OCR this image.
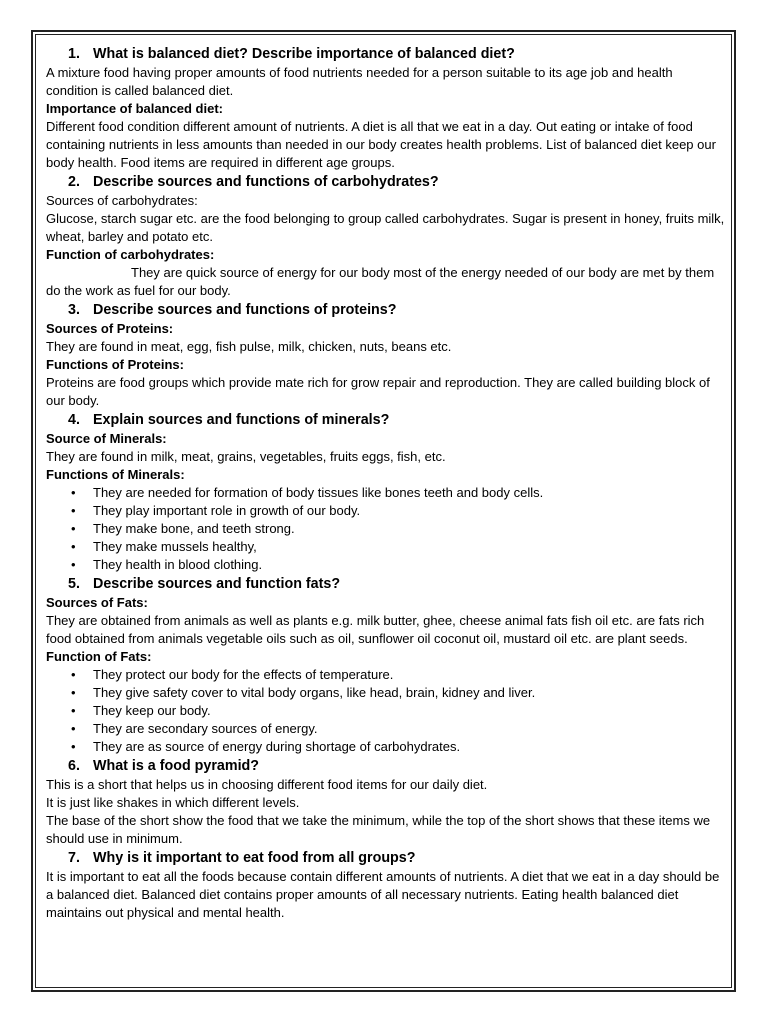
1. What is balanced diet? Describe importance of balanced diet?

A mixture food having proper amounts of food nutrients needed for a person suitable to its age job and health condition is called balanced diet.

Importance of balanced diet:

Different food condition different amount of nutrients. A diet is all that we eat in a day. Out eating or intake of food containing nutrients in less amounts than needed in our body creates health problems. List of balanced diet keep our body health. Food items are required in different age groups.

2. Describe sources and functions of carbohydrates?

Sources of carbohydrates:

Glucose, starch sugar etc. are the food belonging to group called carbohydrates. Sugar is present in honey, fruits milk, wheat, barley and potato etc.

Function of carbohydrates:

They are quick source of energy for our body most of the energy needed of our body are met by them do the work as fuel for our body.

3. Describe sources and functions of proteins?

Sources of Proteins:

They are found in meat, egg, fish pulse, milk, chicken, nuts, beans etc.

Functions of Proteins:

Proteins are food groups which provide mate rich for grow repair and reproduction. They are called building block of our body.

4. Explain sources and functions of minerals?

Source of Minerals:

They are found in milk, meat, grains, vegetables, fruits eggs, fish, etc.

Functions of Minerals:

• They are needed for formation of body tissues like bones teeth and body cells.
• They play important role in growth of our body.
• They make bone, and teeth strong.
• They make mussels healthy,
• They health in blood clothing.
5. Describe sources and function fats?

Sources of Fats:

They are obtained from animals as well as plants e.g. milk butter, ghee, cheese animal fats fish oil etc. are fats rich food obtained from animals vegetable oils such as oil, sunflower oil coconut oil, mustard oil etc. are plant seeds.

Function of Fats:

• They protect our body for the effects of temperature.
• They give safety cover to vital body organs, like head, brain, kidney and liver.
• They keep our body.
• They are secondary sources of energy.
• They are as source of energy during shortage of carbohydrates.
6. What is a food pyramid?

This is a short that helps us in choosing different food items for our daily diet.

It is just like shakes in which different levels.

The base of the short show the food that we take the minimum, while the top of the short shows that these items we should use in minimum.

7. Why is it important to eat food from all groups?

It is important to eat all the foods because contain different amounts of nutrients. A diet that we eat in a day should be a balanced diet. Balanced diet contains proper amounts of all necessary nutrients. Eating health balanced diet maintains out physical and mental health.
